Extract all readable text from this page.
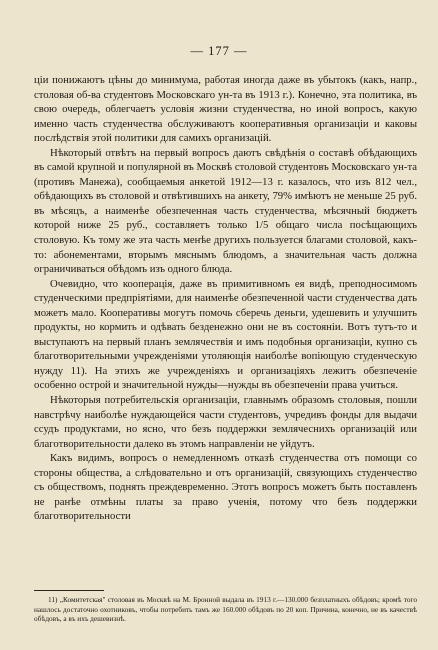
— 177 —

ціи понижаютъ цѣны до минимума, работая иногда даже въ убытокъ (какъ, напр., столовая об-ва студентовъ Московскаго ун-та въ 1913 г.). Конечно, эта политика, въ свою очередь, облегчаетъ условія жизни студенчества, но иной вопросъ, какую именно часть студенчества обслуживаютъ кооперативныя организаціи и каковы послѣдствія этой политики для самихъ организацій.

Нѣкоторый отвѣтъ на первый вопросъ даютъ свѣдѣнія о составѣ обѣдающихъ въ самой крупной и популярной въ Москвѣ столовой студентовъ Московскаго ун-та (противъ Манежа), сообщаемыя анкетой 1912—13 г. казалось, что изъ 812 чел., обѣдающихъ въ столовой и отвѣтившихъ на анкету, 79% имѣютъ не меньше 25 руб. въ мѣсяцъ, а наименѣе обезпеченная часть студенчества, мѣсячный бюджетъ которой ниже 25 руб., составляетъ только 1/5 общаго числа посѣщающихъ столовую. Къ тому же эта часть менѣе другихъ пользуется благами столовой, какъ-то: абонементами, вторымъ мяснымъ блюдомъ, а значительная часть должна ограничиваться обѣдомъ изъ одного блюда.

Очевидно, что кооперація, даже въ примитивномъ ея видѣ, преподносимомъ студенческими предпріятіями, для наименѣе обезпеченной части студенчества дать можетъ мало. Кооперативы могутъ помочь сберечь деньги, удешевить и улучшить продукты, но кормить и одѣвать безденежно они не въ состояніи. Вотъ тутъ-то и выступаютъ на первый планъ землячествія и имъ подобныя организаціи, купно съ благотворительными учрежденіями утоляющія наиболѣе вопіющую студенческую нужду 11). На этихъ же учрежденіяхъ и организаціяхъ лежитъ обезпеченіе особенно острой и значительной нужды—нужды въ обезпеченіи права учиться.

Нѣкоторыя потребительскія организаціи, главнымъ образомъ столовыя, пошли навстрѣчу наиболѣе нуждающейся части студентовъ, учредивъ фонды для выдачи ссудъ продуктами, но ясно, что безъ поддержки землячеснихъ организацій или благотворительности далеко въ этомъ направленіи не уйдутъ.

Какъ видимъ, вопросъ о немедленномъ отказѣ студенчества отъ помощи со стороны общества, а слѣдовательно и отъ организацій, связующихъ студенчество съ обществомъ, поднять преждевременно. Этотъ вопросъ можетъ быть поставленъ не ранѣе отмѣны платы за право ученія, потому что безъ поддержки благотворительности

11) „Комитетская" столовая въ Москвѣ на М. Бронной выдала въ 1913 г.—130.000 безплатныхъ обѣдовъ; кромѣ того нашлось достаточно охотниковъ, чтобы потребить тамъ же 160.000 обѣдовъ по 20 коп. Причина, конечно, не въ качествѣ обѣдовъ, а въ ихъ дешевизнѣ.
